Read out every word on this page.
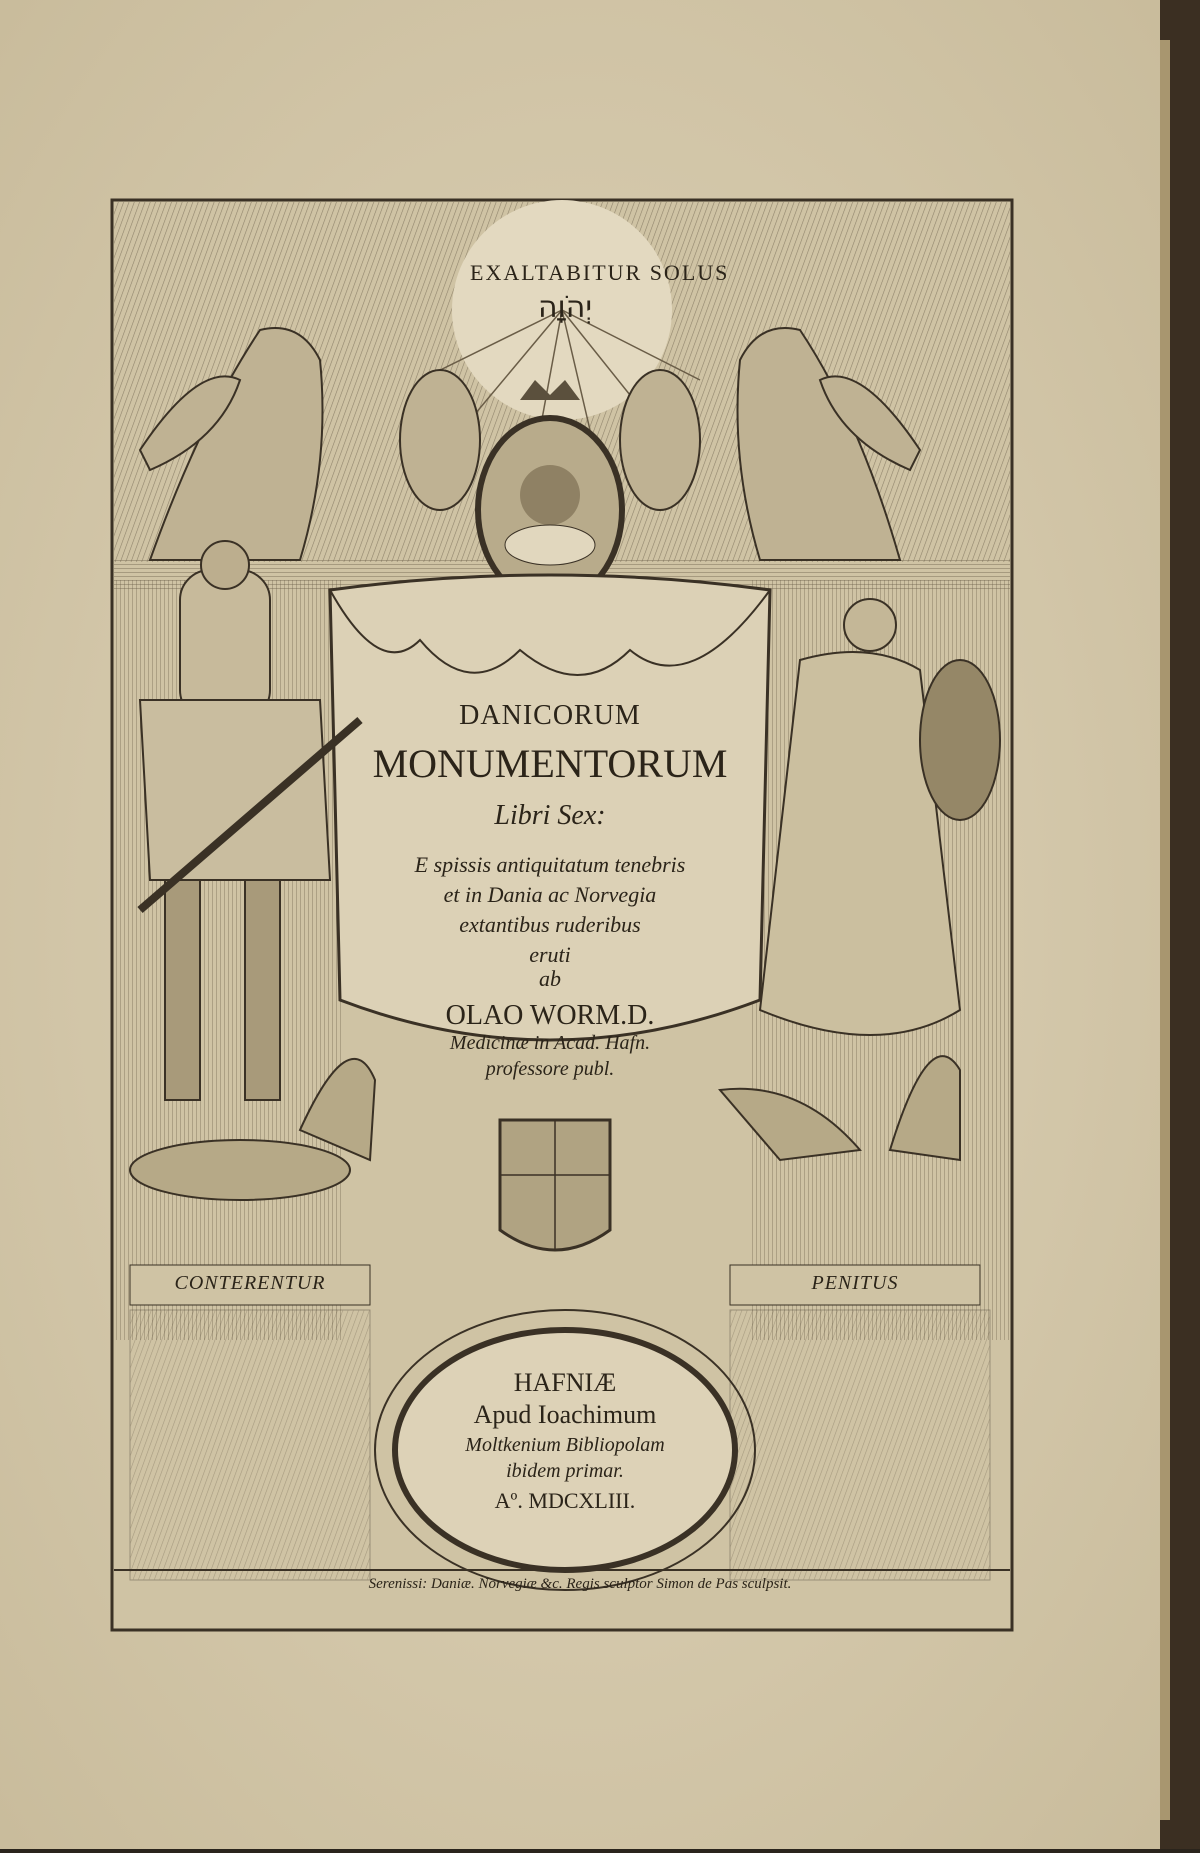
EXALTABITUR SOLUS
יְהֹוָה
DANICORUM
MONUMENTORUM
Libri Sex:
E spissis antiquitatum tenebris
et in Dania ac Norvegia
extantibus ruderibus
eruti
ab
OLAO WORM.D.
Medicinæ in Acad. Hafn.
professore publ.
CONTERENTUR	PENITUS
HAFNIÆ
Apud Ioachimum
Moltkenium Bibliopolam
ibidem primar.
Aº. MDCXLIII.
Serenissi: Daniæ. Norvegiæ &c. Regis sculptor Simon de Pas sculpsit.
